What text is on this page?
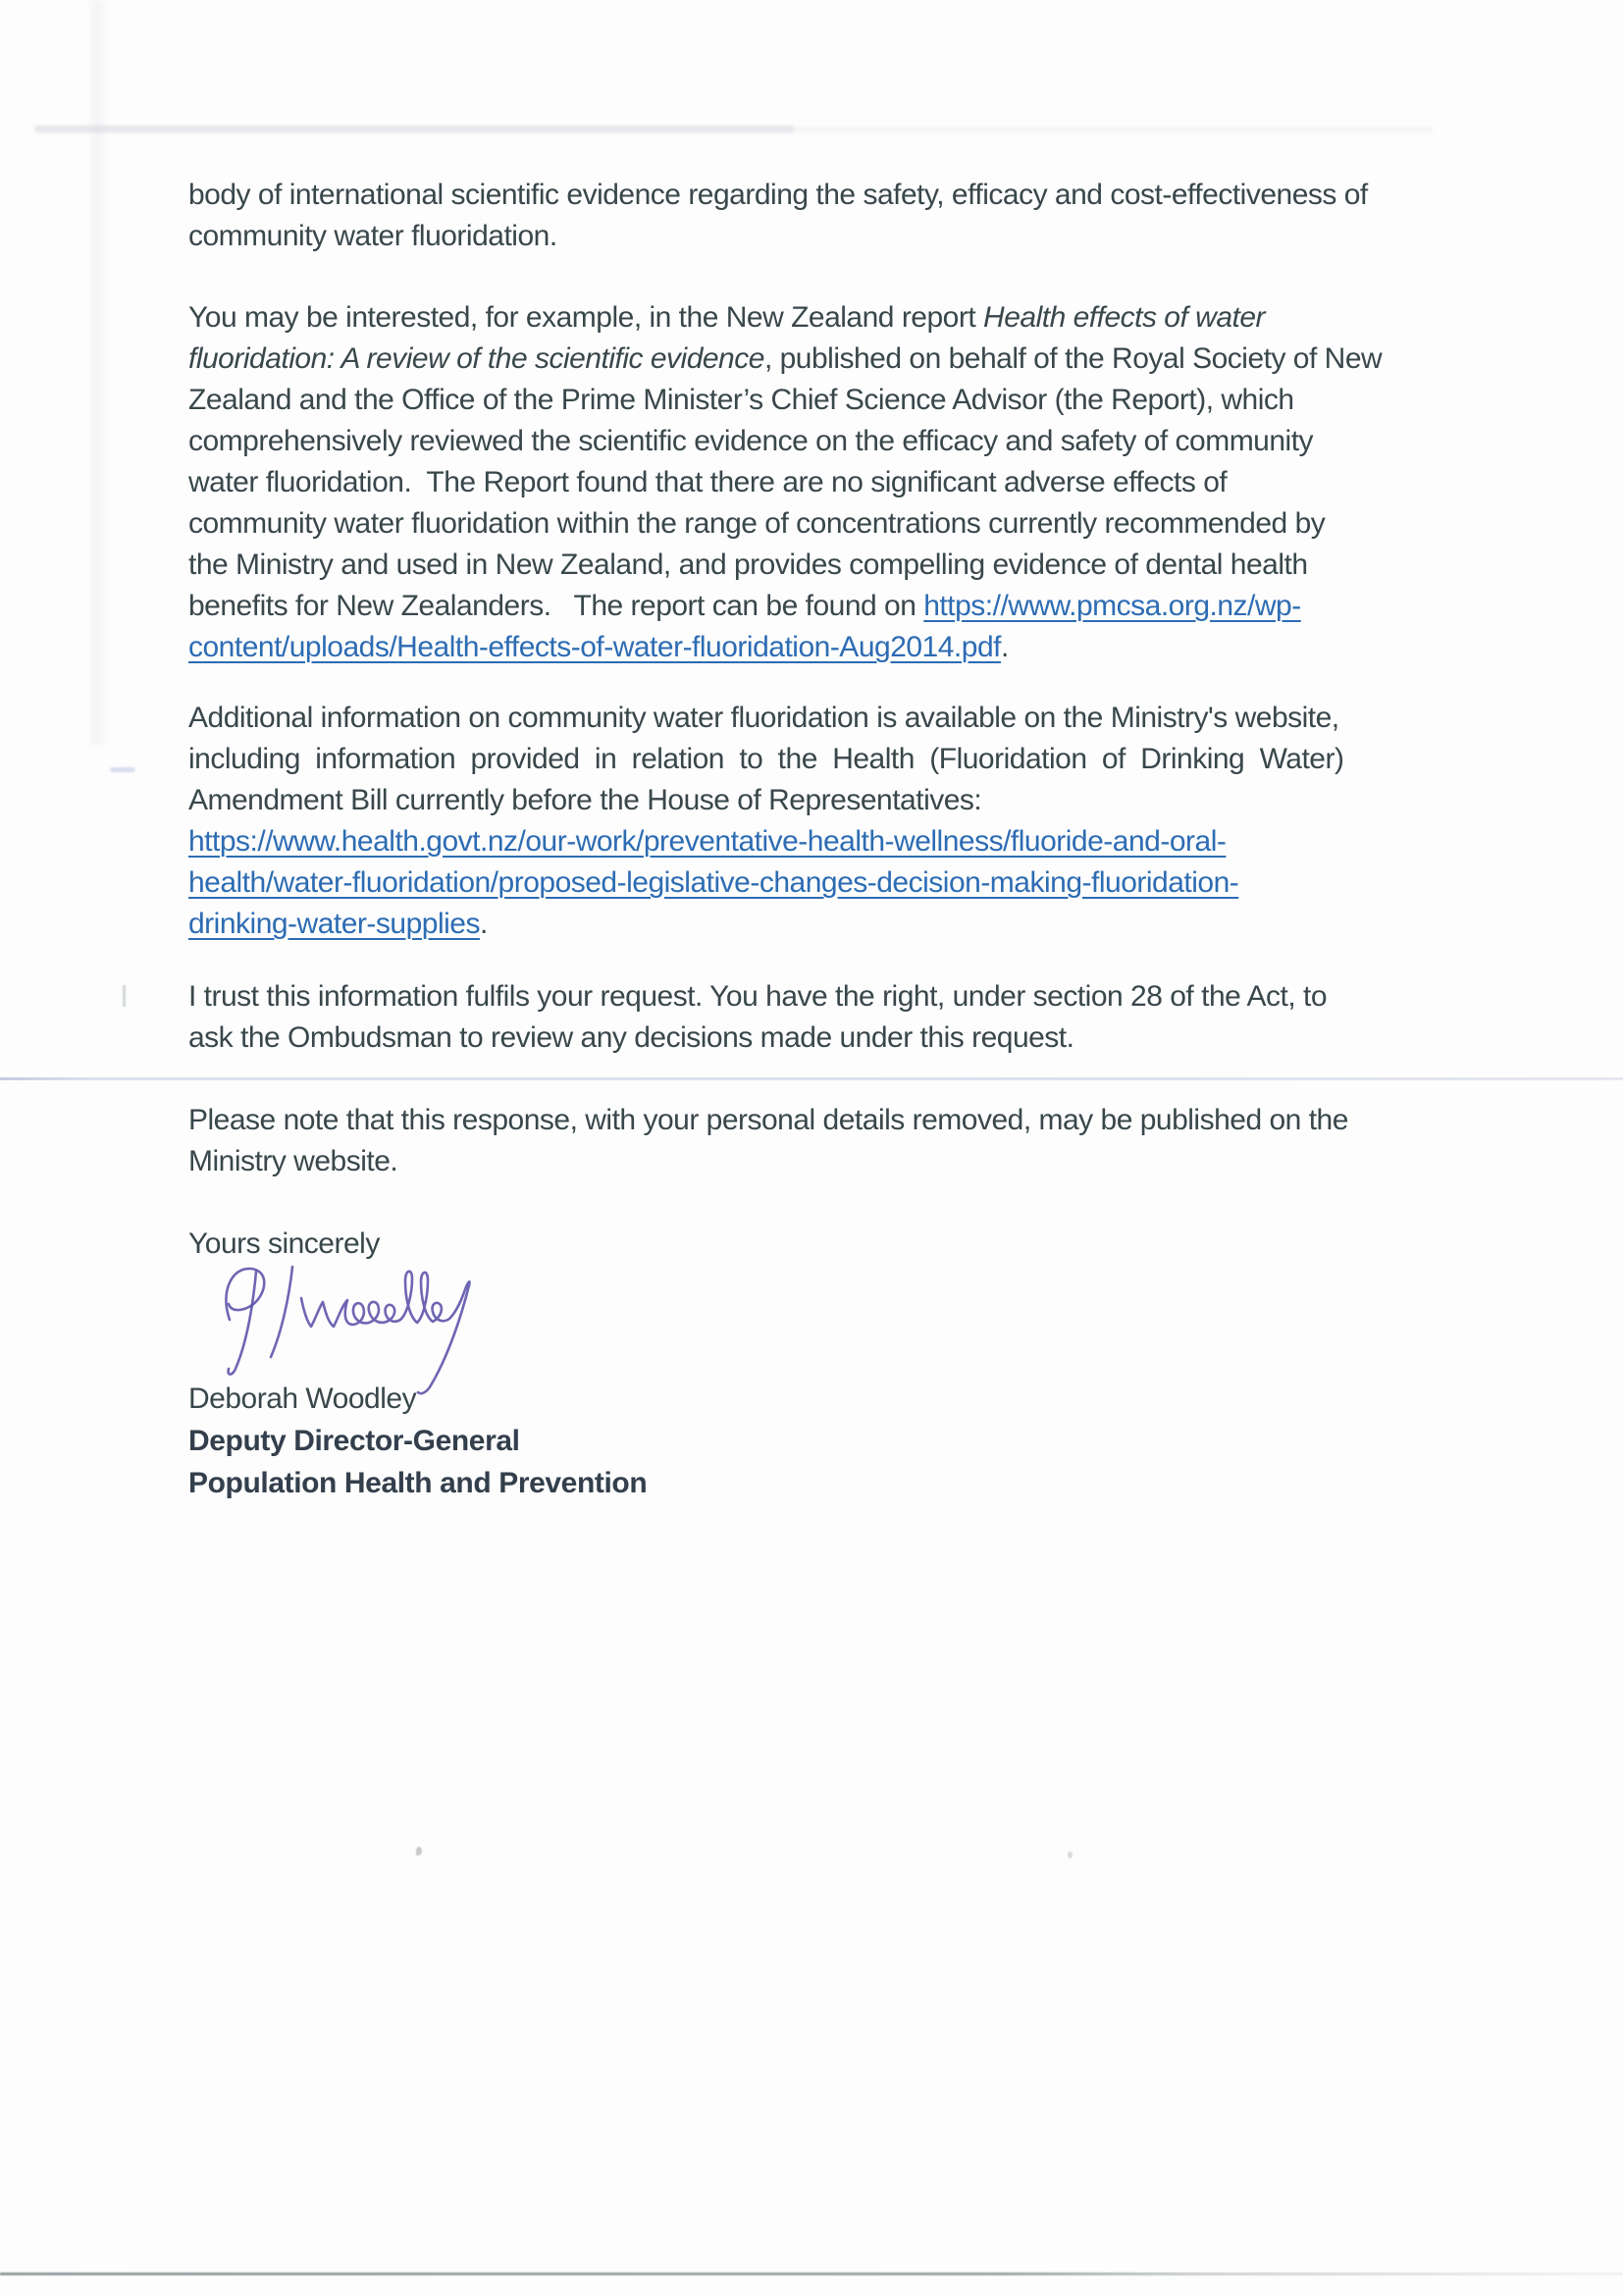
body of international scientific evidence regarding the safety, efficacy and cost-effectiveness of
community water fluoridation.
You may be interested, for example, in the New Zealand report Health effects of water
fluoridation: A review of the scientific evidence, published on behalf of the Royal Society of New
Zealand and the Office of the Prime Minister’s Chief Science Advisor (the Report), which
comprehensively reviewed the scientific evidence on the efficacy and safety of community
water fluoridation.  The Report found that there are no significant adverse effects of
community water fluoridation within the range of concentrations currently recommended by
the Ministry and used in New Zealand, and provides compelling evidence of dental health
benefits for New Zealanders.   The report can be found on https://www.pmcsa.org.nz/wp-
content/uploads/Health-effects-of-water-fluoridation-Aug2014.pdf.
Additional information on community water fluoridation is available on the Ministry's website,
including information provided in relation to the Health (Fluoridation of Drinking Water)
Amendment Bill currently before the House of Representatives:
https://www.health.govt.nz/our-work/preventative-health-wellness/fluoride-and-oral-
health/water-fluoridation/proposed-legislative-changes-decision-making-fluoridation-
drinking-water-supplies.
I trust this information fulfils your request. You have the right, under section 28 of the Act, to
ask the Ombudsman to review any decisions made under this request.
Please note that this response, with your personal details removed, may be published on the
Ministry website.
Yours sincerely
Deborah Woodley
Deputy Director-General
Population Health and Prevention
